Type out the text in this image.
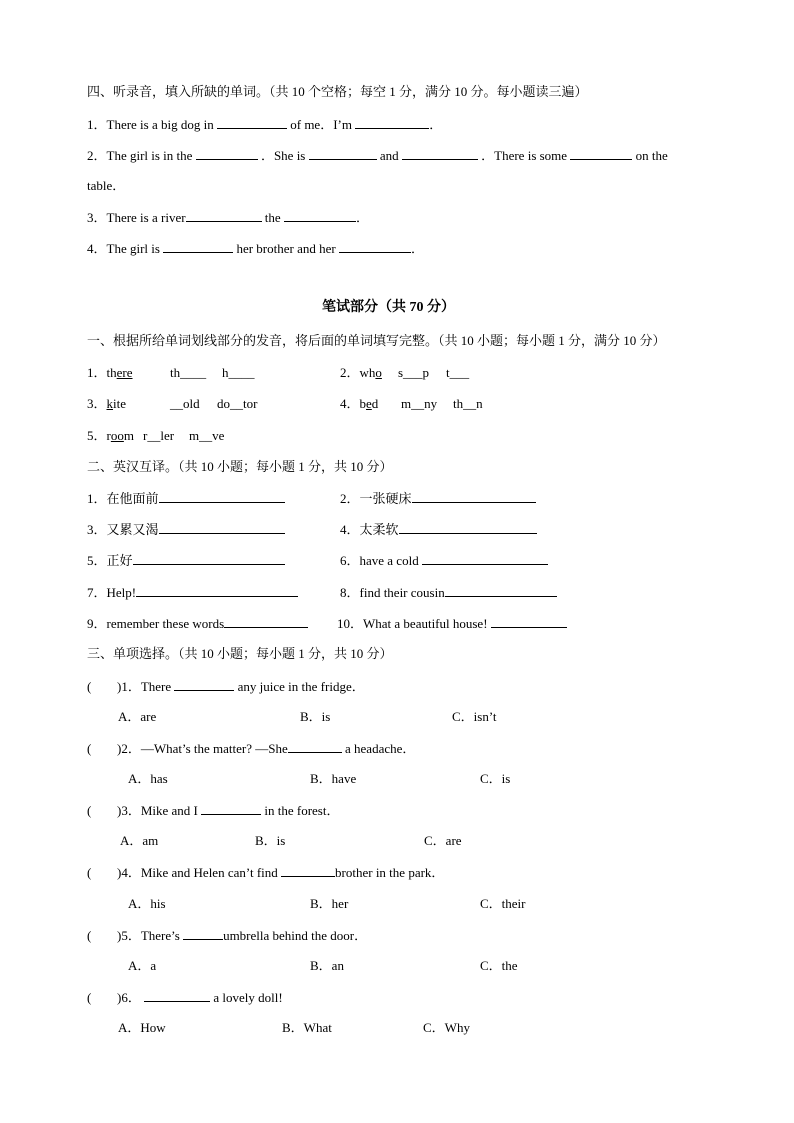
四、听录音，填入所缺的单词。（共 10 个空格；每空 1 分，满分 10 分。每小题读三遍）
1．There is a big dog in	of me．I’m	．
2．The girl is in the	．She is	and	．There is some	on the
table．
3．There is a river	the	．
4．The girl is	her brother and her	．
笔试部分（共 70 分）
一、根据所给单词划线部分的发音，将后面的单词填写完整。（共 10 小题；每小题 1 分，满分 10 分）
1．there	th____ h____	2．who s___p t___
3．kite	__old do__tor	4．bed m__ny th__n
5．room r__ler m__ve
二、英汉互译。（共 10 小题；每小题 1 分，共 10 分）
1．在他面前	2．一张硬床
3．又累又渴	4．太柔软
5．正好	6．have a cold
7．Help!	8．find their cousin
9．remember these words	10．What a beautiful house!
三、单项选择。（共 10 小题；每小题 1 分，共 10 分）
( )1．There	any juice in the fridge．
A．are	B．is	C．isn’t
( )2．—What’s the matter? —She	a headache．
A．has	B．have	C．is
( )3．Mike and I	in the forest．
A．am	B．is	C．are
( )4．Mike and Helen can’t find	brother in the park．
A．his	B．her	C．their
( )5．There’s	umbrella behind the door．
A．a	B．an	C．the
( )6．	a lovely doll!
A．How	B．What	C．Why
